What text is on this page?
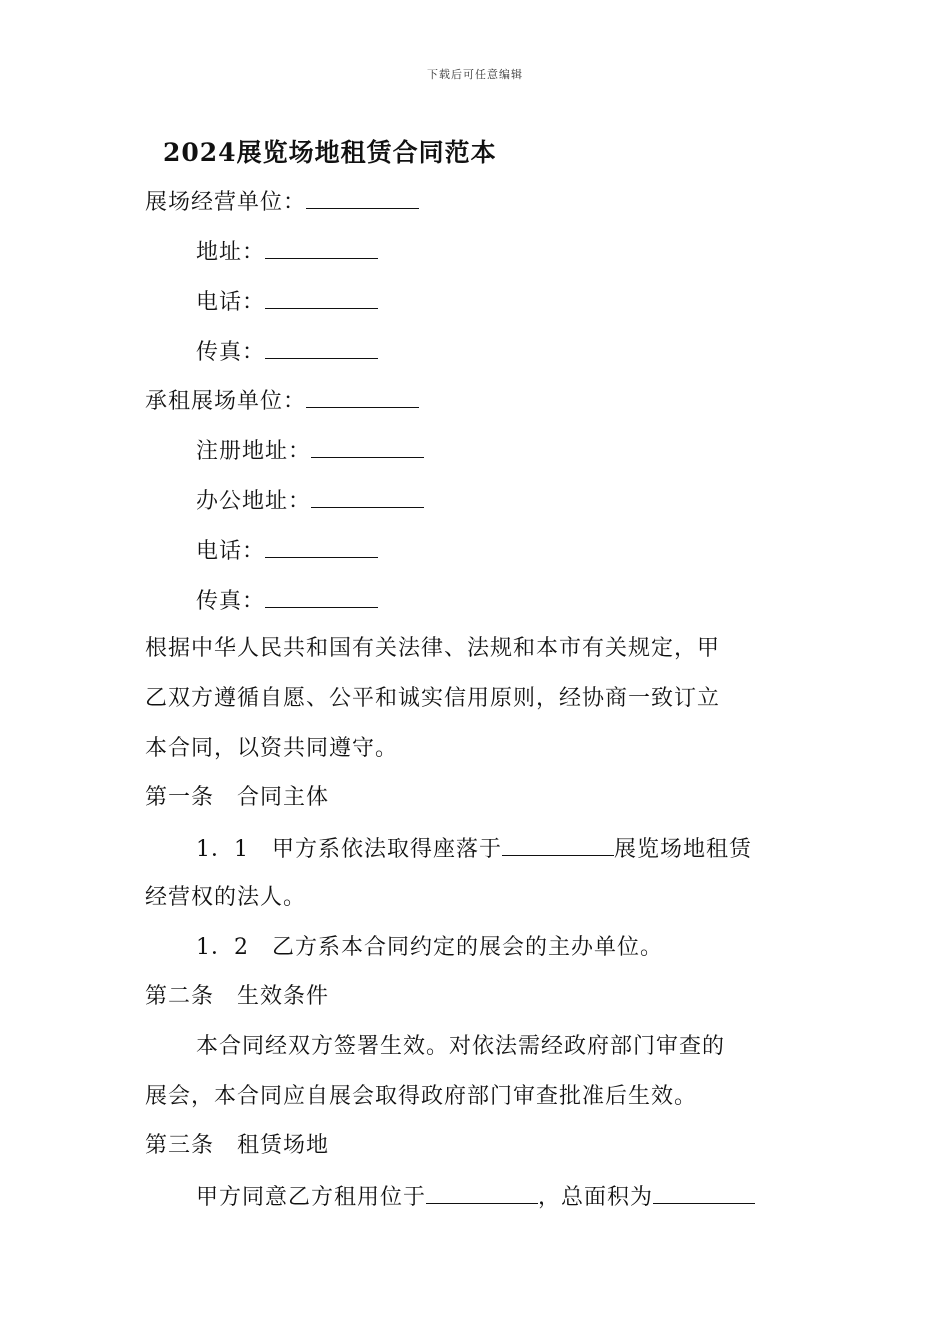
下载后可任意编辑
2024展览场地租赁合同范本
展场经营单位：
地址：
电话：
传真：
承租展场单位：
注册地址：
办公地址：
电话：
传真：
根据中华人民共和国有关法律、法规和本市有关规定，甲
乙双方遵循自愿、公平和诚实信用原则，经协商一致订立
本合同，以资共同遵守。
第一条　合同主体
1．1　甲方系依法取得座落于	展览场地租赁
经营权的法人。
1．2　乙方系本合同约定的展会的主办单位。
第二条　生效条件
本合同经双方签署生效。对依法需经政府部门审查的
展会，本合同应自展会取得政府部门审查批准后生效。
第三条　租赁场地
甲方同意乙方租用位于	，总面积为
